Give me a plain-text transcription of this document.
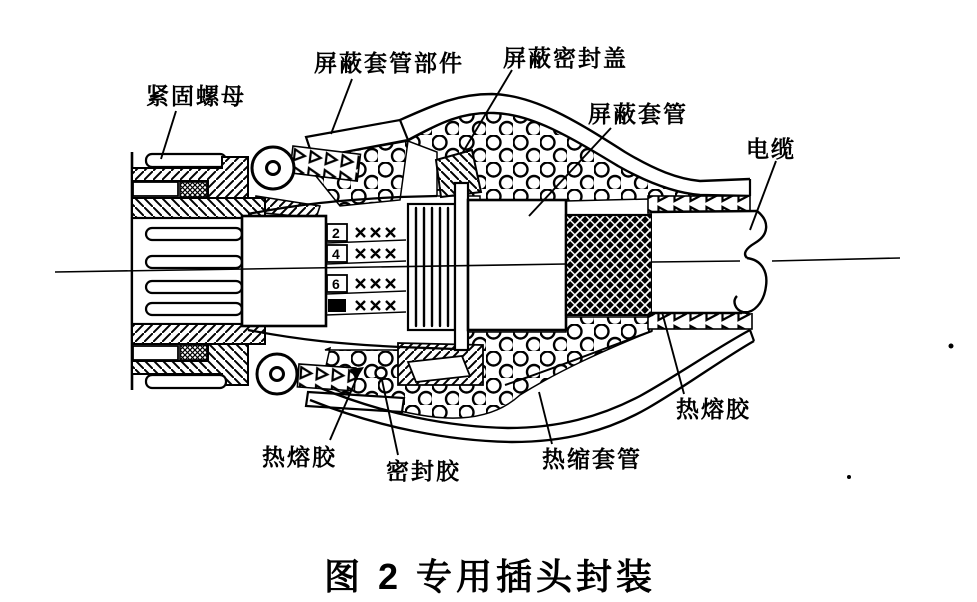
2
4
6
紧固螺母
屏蔽套管部件 屏蔽密封盖
屏蔽套管
电缆
热熔胶
热熔胶
密封胶	热缩套管
图 2 专用插头封装
